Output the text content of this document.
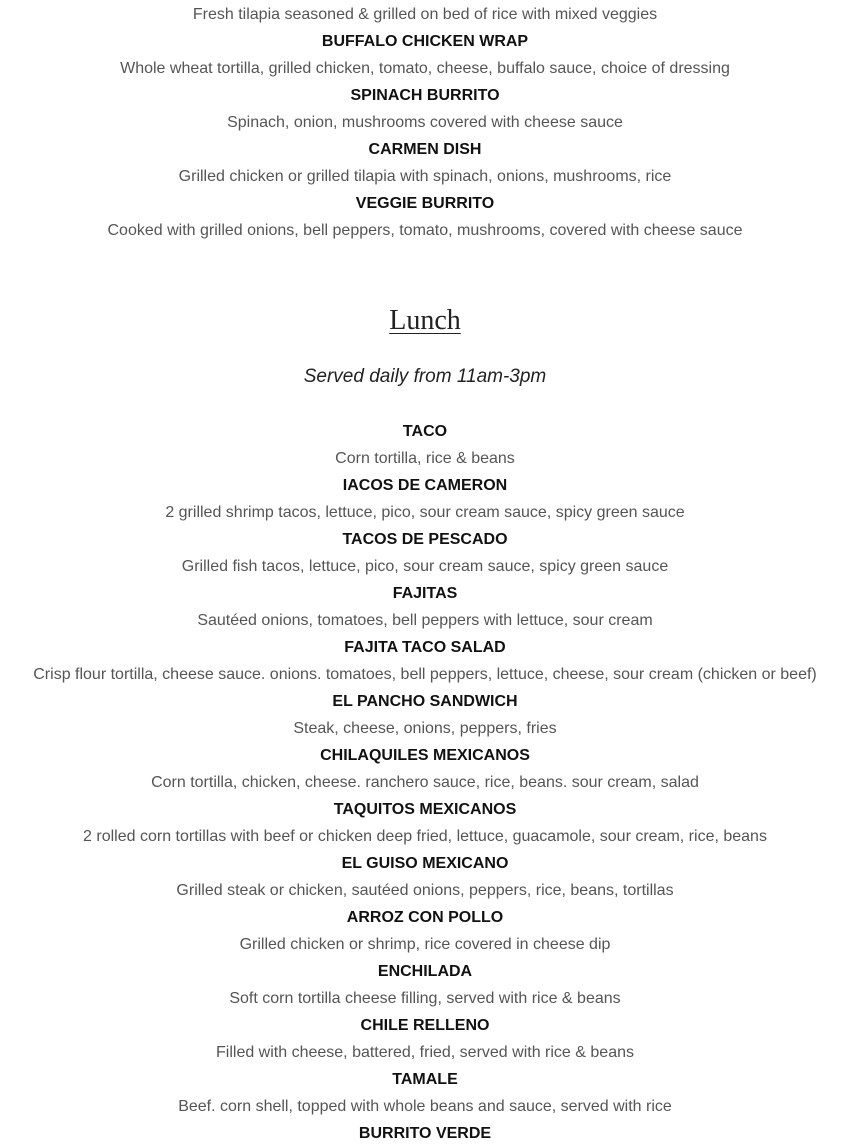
Fresh tilapia seasoned & grilled on bed of rice with mixed veggies
BUFFALO CHICKEN WRAP
Whole wheat tortilla, grilled chicken, tomato, cheese, buffalo sauce, choice of dressing
SPINACH BURRITO
Spinach, onion, mushrooms covered with cheese sauce
CARMEN DISH
Grilled chicken or grilled tilapia with spinach, onions, mushrooms, rice
VEGGIE BURRITO
Cooked with grilled onions, bell peppers, tomato, mushrooms, covered with cheese sauce
Lunch
Served daily from 11am-3pm
TACO
Corn tortilla, rice & beans
IACOS DE CAMERON
2 grilled shrimp tacos, lettuce, pico, sour cream sauce, spicy green sauce
TACOS DE PESCADO
Grilled fish tacos, lettuce, pico, sour cream sauce, spicy green sauce
FAJITAS
Sautéed onions, tomatoes, bell peppers with lettuce, sour cream
FAJITA TACO SALAD
Crisp flour tortilla, cheese sauce. onions. tomatoes, bell peppers, lettuce, cheese, sour cream (chicken or beef)
EL PANCHO SANDWICH
Steak, cheese, onions, peppers, fries
CHILAQUILES MEXICANOS
Corn tortilla, chicken, cheese. ranchero sauce, rice, beans. sour cream, salad
TAQUITOS MEXICANOS
2 rolled corn tortillas with beef or chicken deep fried, lettuce, guacamole, sour cream, rice, beans
EL GUISO MEXICANO
Grilled steak or chicken, sautéed onions, peppers, rice, beans, tortillas
ARROZ CON POLLO
Grilled chicken or shrimp, rice covered in cheese dip
ENCHILADA
Soft corn tortilla cheese filling, served with rice & beans
CHILE RELLENO
Filled with cheese, battered, fried, served with rice & beans
TAMALE
Beef. corn shell, topped with whole beans and sauce, served with rice
BURRITO VERDE
